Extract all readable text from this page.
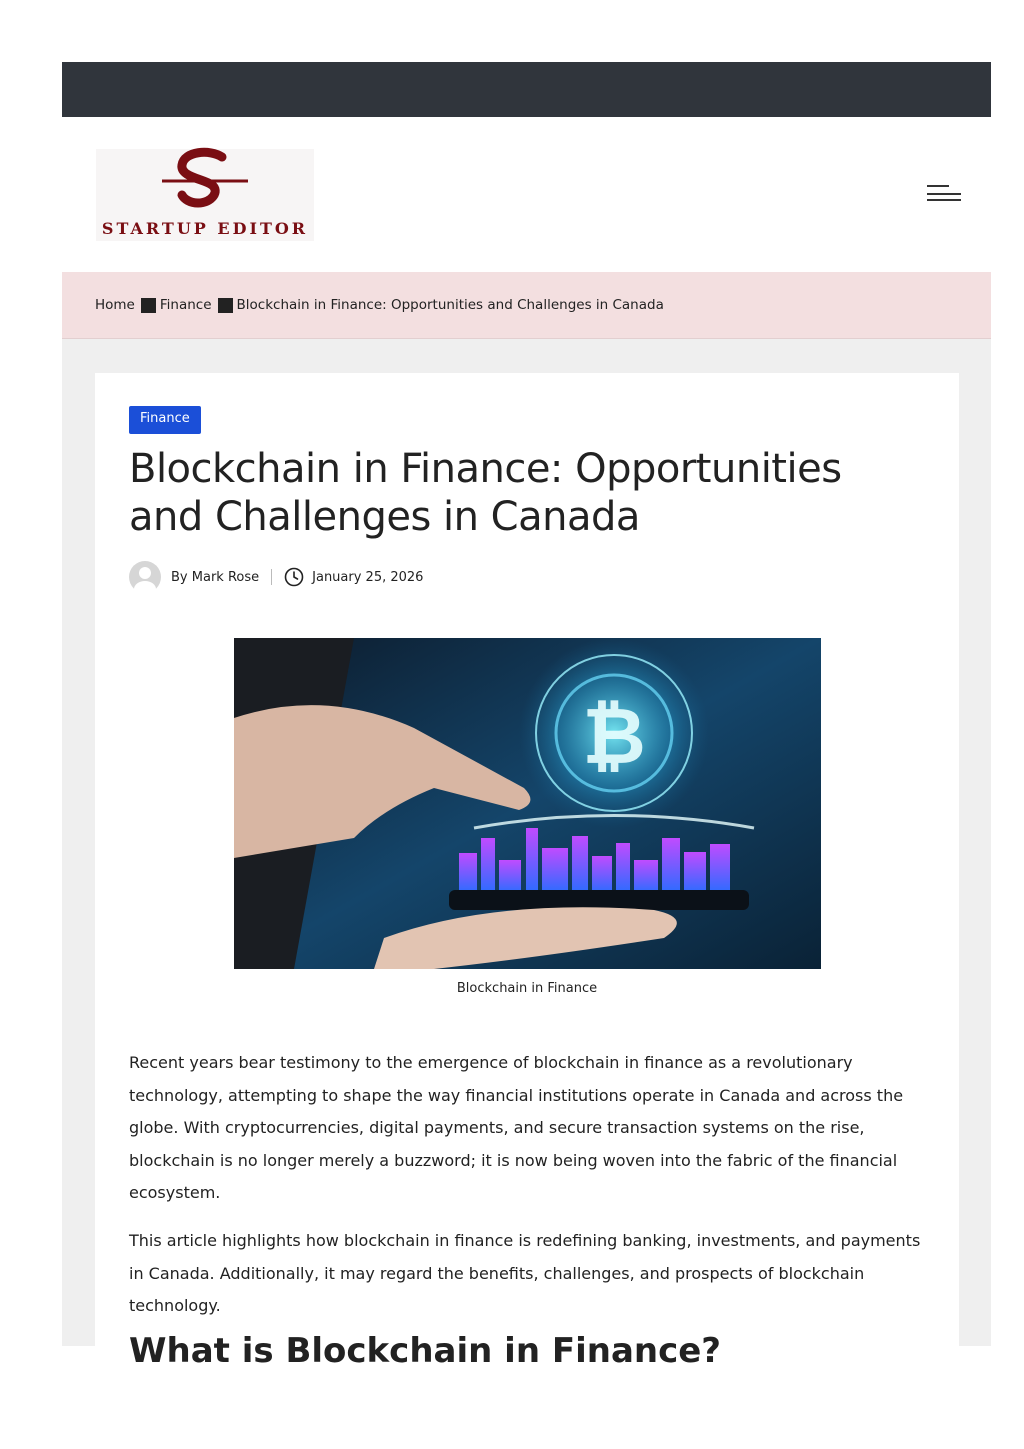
STARTUP EDITOR
Home Finance Blockchain in Finance: Opportunities and Challenges in Canada
Finance
Blockchain in Finance: Opportunities and Challenges in Canada
By Mark Rose	January 25, 2026
₿
Blockchain in Finance

Recent years bear testimony to the emergence of blockchain in finance as a revolutionary technology, attempting to shape the way financial institutions operate in Canada and across the globe. With cryptocurrencies, digital payments, and secure transaction systems on the rise, blockchain is no longer merely a buzzword; it is now being woven into the fabric of the financial ecosystem.

This article highlights how blockchain in finance is redefining banking, investments, and payments in Canada. Additionally, it may regard the benefits, challenges, and prospects of blockchain technology.

What is Blockchain in Finance?
